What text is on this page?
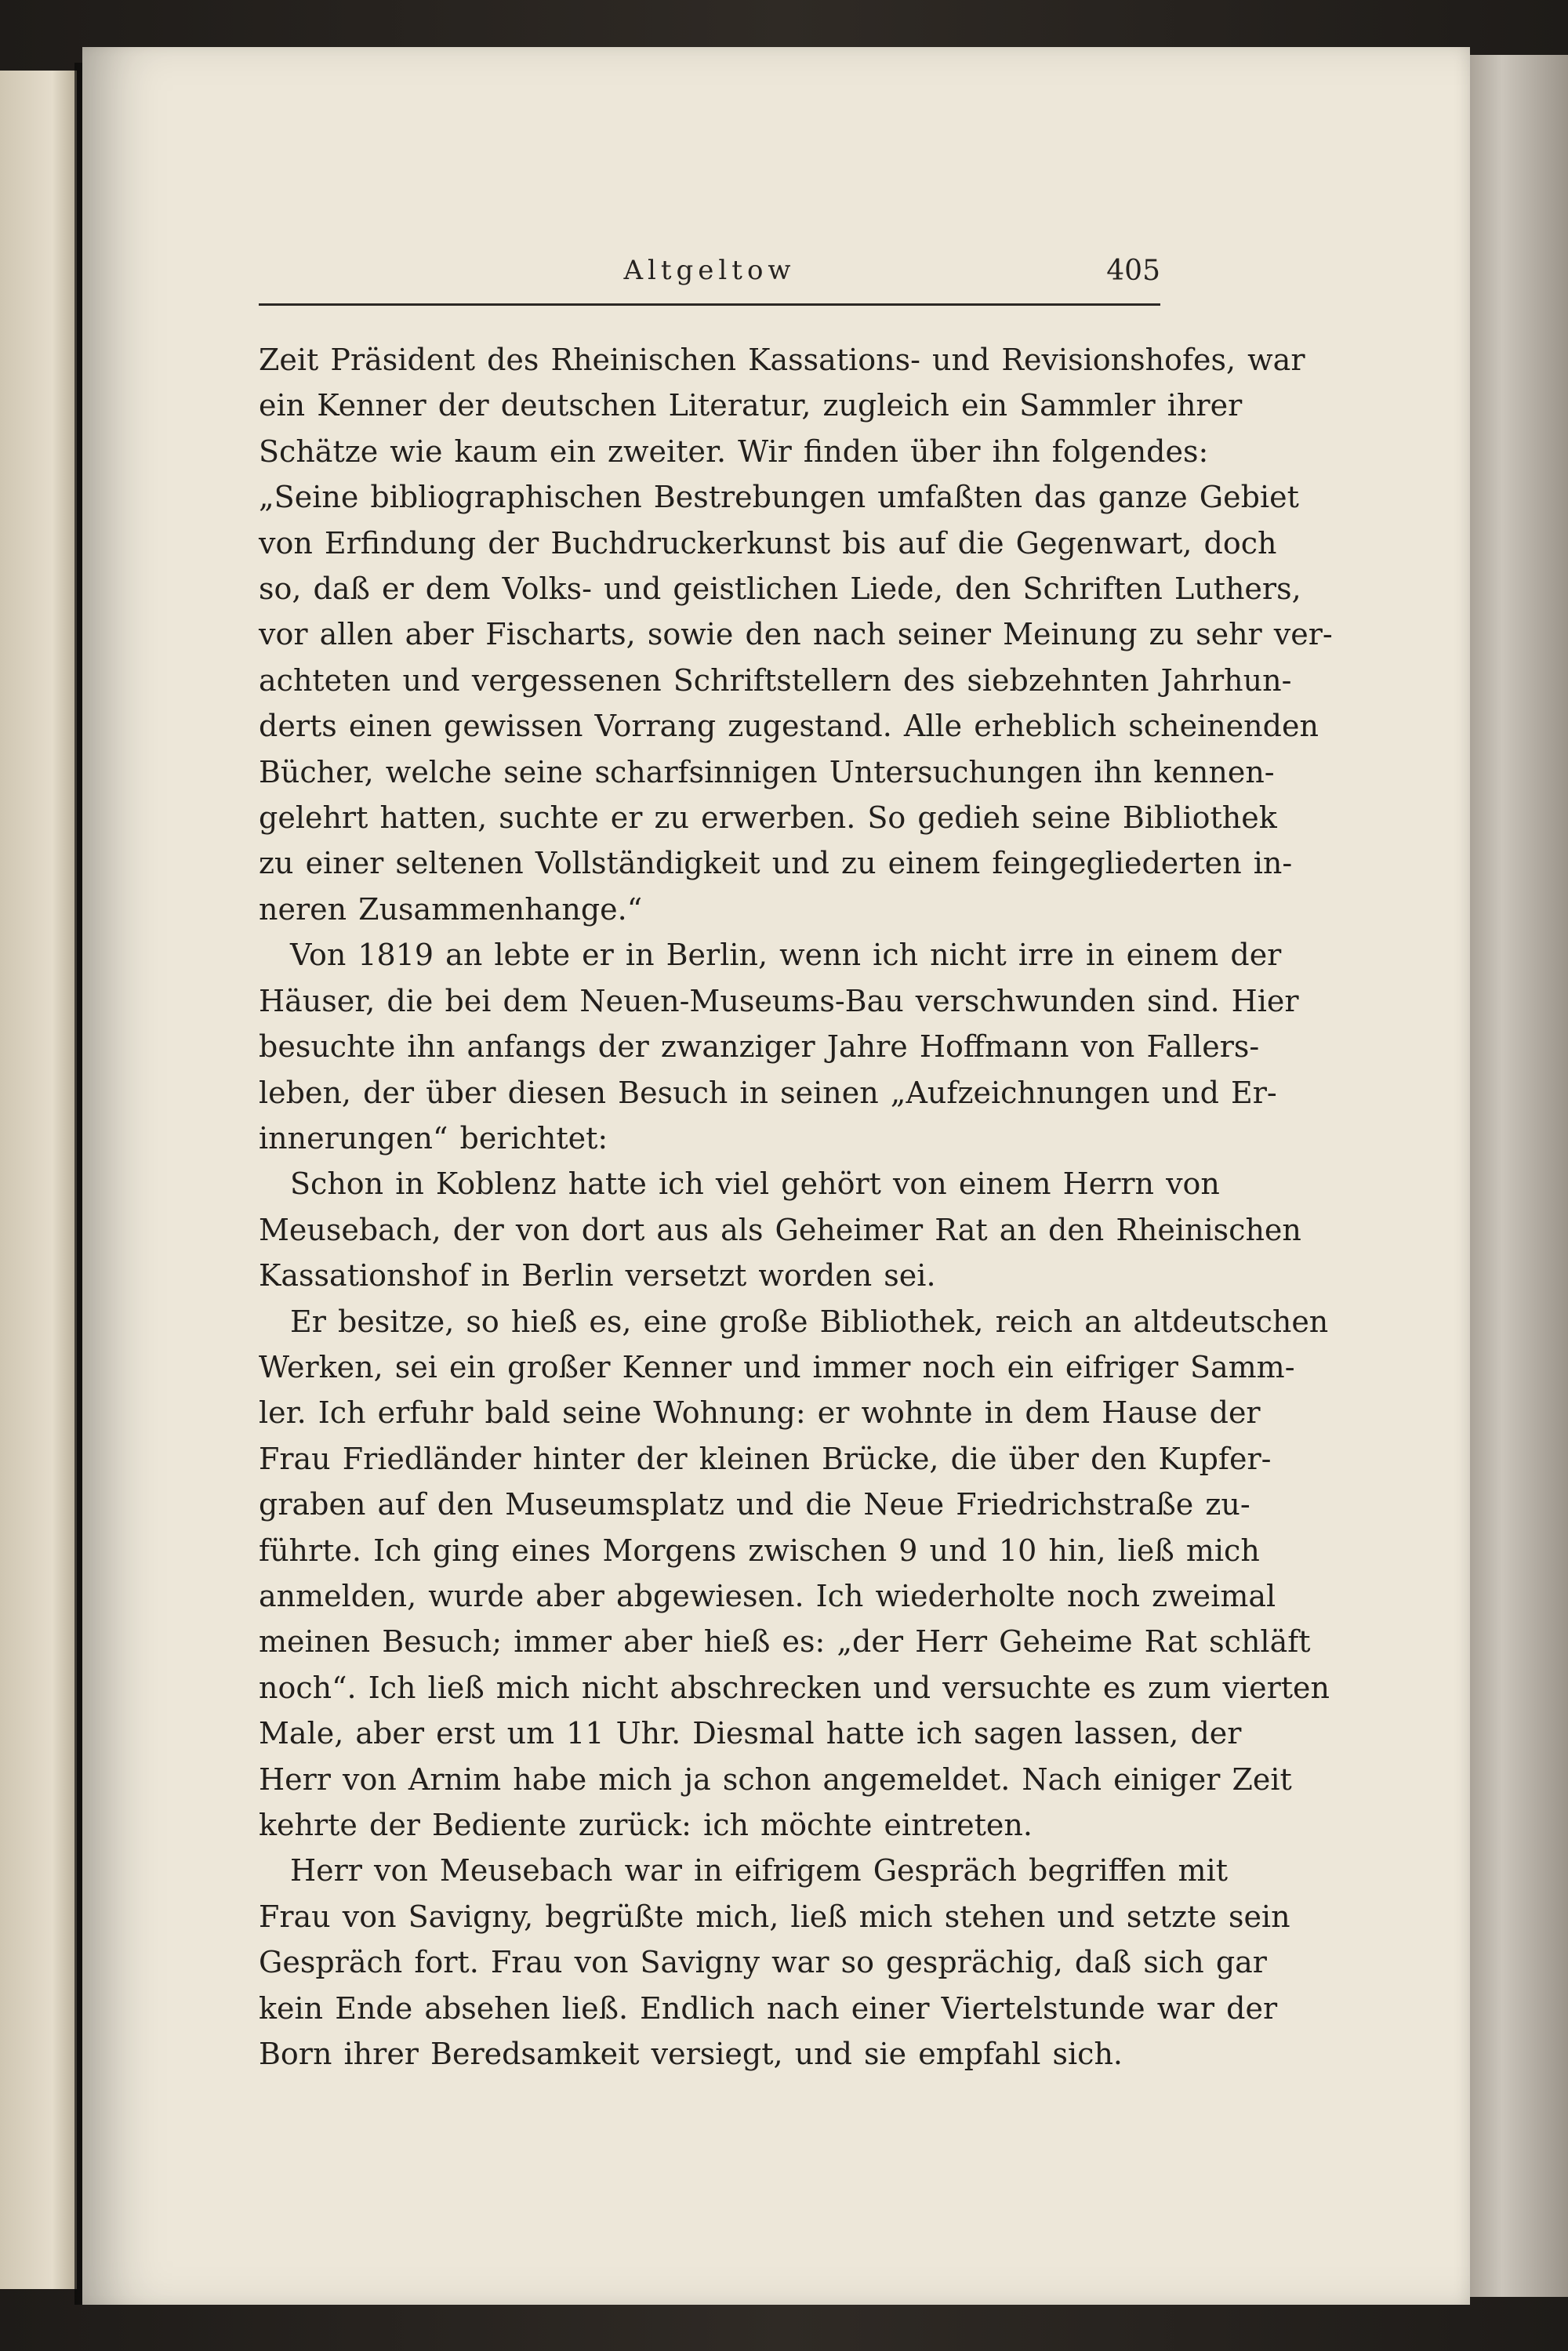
Altgeltow	405
Zeit Präsident des Rheinischen Kassations- und Revisionshofes, war
ein Kenner der deutschen Literatur, zugleich ein Sammler ihrer
Schätze wie kaum ein zweiter. Wir finden über ihn folgendes:
„Seine bibliographischen Bestrebungen umfaßten das ganze Gebiet
von Erfindung der Buchdruckerkunst bis auf die Gegenwart, doch
so, daß er dem Volks- und geistlichen Liede, den Schriften Luthers,
vor allen aber Fischarts, sowie den nach seiner Meinung zu sehr ver-
achteten und vergessenen Schriftstellern des siebzehnten Jahrhun-
derts einen gewissen Vorrang zugestand. Alle erheblich scheinenden
Bücher, welche seine scharfsinnigen Untersuchungen ihn kennen-
gelehrt hatten, suchte er zu erwerben. So gedieh seine Bibliothek
zu einer seltenen Vollständigkeit und zu einem feingegliederten in-
neren Zusammenhange.“
Von 1819 an lebte er in Berlin, wenn ich nicht irre in einem der
Häuser, die bei dem Neuen-Museums-Bau verschwunden sind. Hier
besuchte ihn anfangs der zwanziger Jahre Hoffmann von Fallers-
leben, der über diesen Besuch in seinen „Aufzeichnungen und Er-
innerungen“ berichtet:
Schon in Koblenz hatte ich viel gehört von einem Herrn von
Meusebach, der von dort aus als Geheimer Rat an den Rheinischen
Kassationshof in Berlin versetzt worden sei.
Er besitze, so hieß es, eine große Bibliothek, reich an altdeutschen
Werken, sei ein großer Kenner und immer noch ein eifriger Samm-
ler. Ich erfuhr bald seine Wohnung: er wohnte in dem Hause der
Frau Friedländer hinter der kleinen Brücke, die über den Kupfer-
graben auf den Museumsplatz und die Neue Friedrichstraße zu-
führte. Ich ging eines Morgens zwischen 9 und 10 hin, ließ mich
anmelden, wurde aber abgewiesen. Ich wiederholte noch zweimal
meinen Besuch; immer aber hieß es: „der Herr Geheime Rat schläft
noch“. Ich ließ mich nicht abschrecken und versuchte es zum vierten
Male, aber erst um 11 Uhr. Diesmal hatte ich sagen lassen, der
Herr von Arnim habe mich ja schon angemeldet. Nach einiger Zeit
kehrte der Bediente zurück: ich möchte eintreten.
Herr von Meusebach war in eifrigem Gespräch begriffen mit
Frau von Savigny, begrüßte mich, ließ mich stehen und setzte sein
Gespräch fort. Frau von Savigny war so gesprächig, daß sich gar
kein Ende absehen ließ. Endlich nach einer Viertelstunde war der
Born ihrer Beredsamkeit versiegt, und sie empfahl sich.
